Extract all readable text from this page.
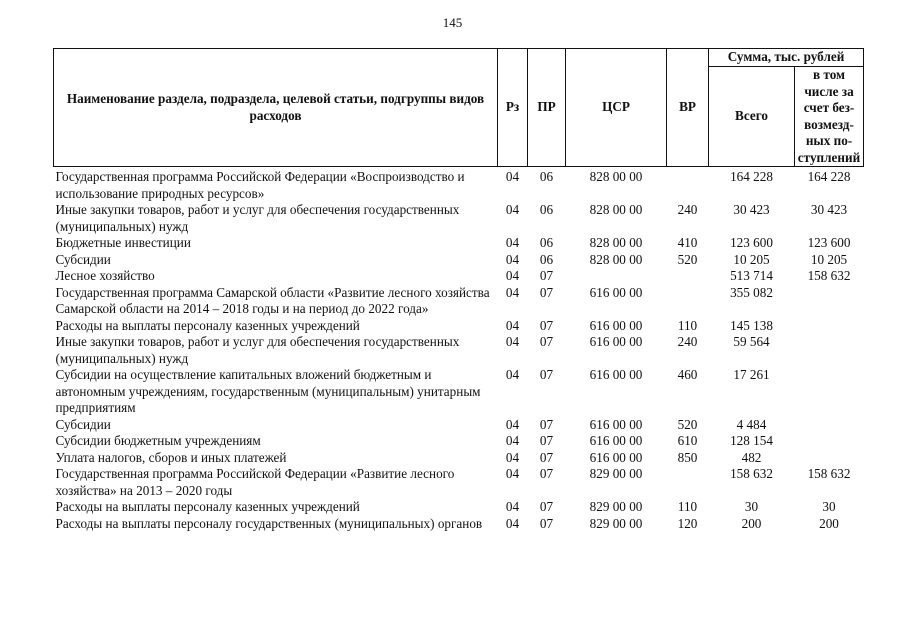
145
Наименование раздела, подраздела, целевой статьи, подгруппы видов расходов	Рз	ПР	ЦСР	ВР	Сумма, тыс. рублей	
					Всего	в том числе за счет без-возмезд-ных по-ступлений
Государственная программа Российской Федерации «Воспроизводство и использование природных ресурсов»	04	06	828 00 00		164 228	164 228
Иные закупки товаров, работ и услуг для обеспечения государственных (муниципальных) нужд	04	06	828 00 00	240	30 423	30 423
Бюджетные инвестиции	04	06	828 00 00	410	123 600	123 600
Субсидии	04	06	828 00 00	520	10 205	10 205
Лесное хозяйство	04	07			513 714	158 632
Государственная программа Самарской области «Развитие лесного хозяйства Самарской области на 2014 – 2018 годы и на период до 2022 года»	04	07	616 00 00		355 082	
Расходы на выплаты персоналу казенных учреждений	04	07	616 00 00	110	145 138	
Иные закупки товаров, работ и услуг для обеспечения государственных (муниципальных) нужд	04	07	616 00 00	240	59 564	
Субсидии на осуществление капитальных вложений бюджетным и автономным учреждениям, государственным (муниципальным) унитарным предприятиям	04	07	616 00 00	460	17 261	
Субсидии	04	07	616 00 00	520	4 484	
Субсидии бюджетным учреждениям	04	07	616 00 00	610	128 154	
Уплата налогов, сборов и иных платежей	04	07	616 00 00	850	482	
Государственная программа Российской Федерации «Развитие лесного хозяйства» на 2013 – 2020 годы	04	07	829 00 00		158 632	158 632
Расходы на выплаты персоналу казенных учреждений	04	07	829 00 00	110	30	30
Расходы на выплаты персоналу государственных (муниципальных) органов	04	07	829 00 00	120	200	200
